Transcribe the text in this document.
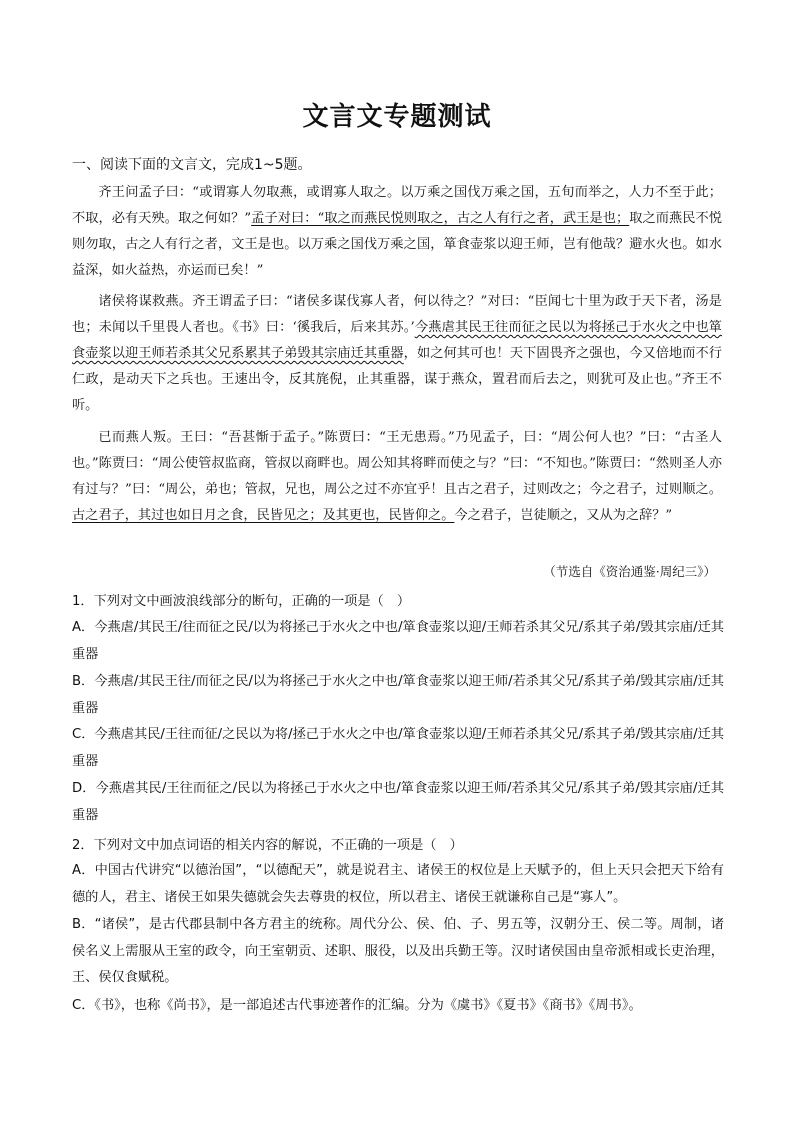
文言文专题测试
一、阅读下面的文言文，完成1~5题。

齐王问孟子曰：“或谓寡人勿取燕，或谓寡人取之。以万乘之国伐万乘之国，五旬而举之，人力不至于此；不取，必有天殃。取之何如？”孟子对曰：“取之而燕民悦则取之，古之人有行之者，武王是也；取之而燕民不悦则勿取，古之人有行之者，文王是也。以万乘之国伐万乘之国，箪食壶浆以迎王师，岂有他哉？避水火也。如水益深，如火益热，亦运而已矣！”

诸侯将谋救燕。齐王谓孟子曰：“诸侯多谋伐寡人者，何以待之？”对曰：“臣闻七十里为政于天下者，汤是也；未闻以千里畏人者也。《书》曰：‘徯我后，后来其苏。’今燕虐其民王往而征之民以为将拯己于水火之中也箪食壶浆以迎王师若杀其父兄系累其子弟毁其宗庙迁其重器，如之何其可也！天下固畏齐之强也，今又倍地而不行仁政，是动天下之兵也。王速出令，反其旄倪，止其重器，谋于燕众，置君而后去之，则犹可及止也。”齐王不听。

已而燕人叛。王曰：“吾甚惭于孟子。”陈贾曰：“王无患焉。”乃见孟子，曰：“周公何人也？”曰：“古圣人也。”陈贾曰：“周公使管叔监商，管叔以商畔也。周公知其将畔而使之与？”曰：“不知也。”陈贾曰：“然则圣人亦有过与？”曰：“周公，弟也；管叔，兄也，周公之过不亦宜乎！且古之君子，过则改之；今之君子，过则顺之。古之君子，其过也如日月之食，民皆见之；及其更也，民皆仰之。今之君子，岂徒顺之，又从为之辞？”

（节选自《资治通鉴·周纪三》）

1．下列对文中画波浪线部分的断句，正确的一项是（　）

A．今燕虐/其民王/往而征之民/以为将拯己于水火之中也/箪食壶浆以迎/王师若杀其父兄/系其子弟/毁其宗庙/迁其重器

B．今燕虐/其民王往/而征之民/以为将拯己于水火之中也/箪食壶浆以迎王师/若杀其父兄/系其子弟/毁其宗庙/迁其重器

C．今燕虐其民/王往而征/之民以为将/拯己于水火之中也/箪食壶浆以迎/王师若杀其父兄/系其子弟/毁其宗庙/迁其重器

D．今燕虐其民/王往而征之/民以为将拯己于水火之中也/箪食壶浆以迎王师/若杀其父兄/系其子弟/毁其宗庙/迁其重器

2．下列对文中加点词语的相关内容的解说，不正确的一项是（　）

A．中国古代讲究“以德治国”，“以德配天”，就是说君主、诸侯王的权位是上天赋予的，但上天只会把天下给有德的人，君主、诸侯王如果失德就会失去尊贵的权位，所以君主、诸侯王就谦称自己是“寡人”。

B．“诸侯”，是古代郡县制中各方君主的统称。周代分公、侯、伯、子、男五等，汉朝分王、侯二等。周制，诸侯名义上需服从王室的政令，向王室朝贡、述职、服役，以及出兵勤王等。汉时诸侯国由皇帝派相或长吏治理，王、侯仅食赋税。

C．《书》，也称《尚书》，是一部追述古代事迹著作的汇编。分为《虞书》《夏书》《商书》《周书》。
